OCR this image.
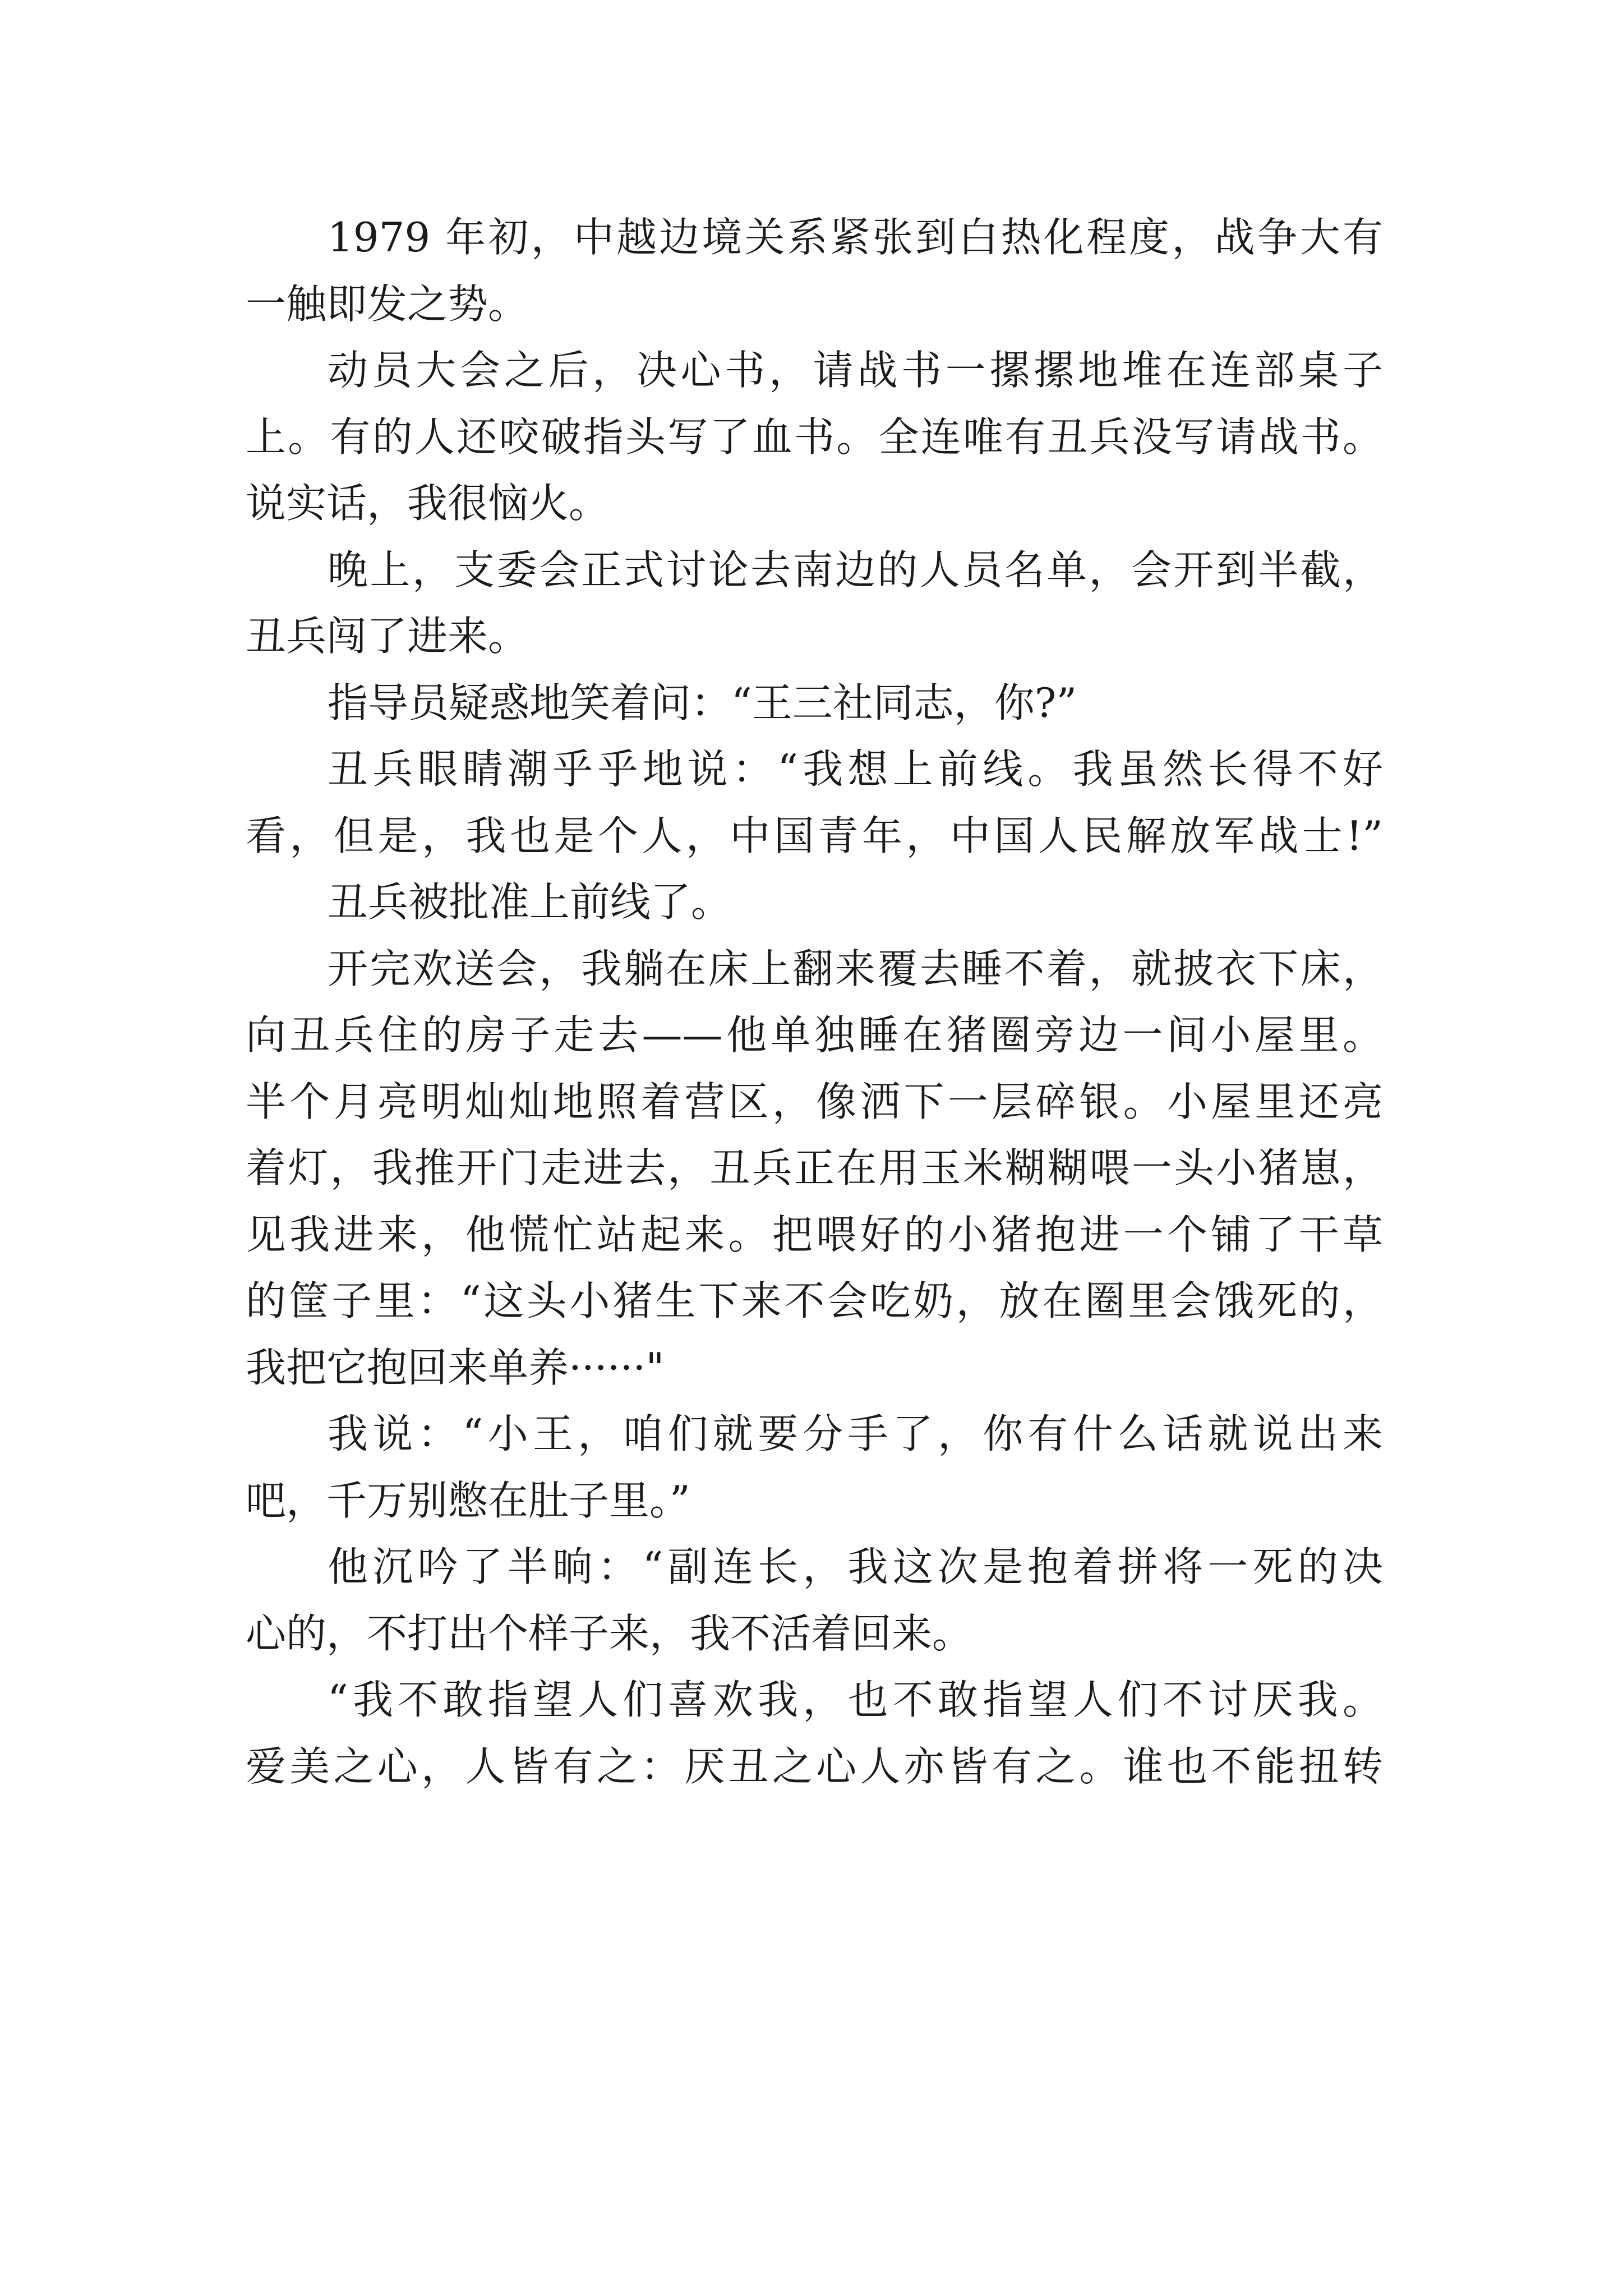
1979 年初，中越边境关系紧张到白热化程度，战争大有
一触即发之势。
动员大会之后，决心书，请战书一摞摞地堆在连部桌子
上。有的人还咬破指头写了血书。全连唯有丑兵没写请战书。
说实话，我很恼火。
晚上，支委会正式讨论去南边的人员名单，会开到半截，
丑兵闯了进来。
指导员疑惑地笑着问：“王三社同志，你?”
丑兵眼睛潮乎乎地说：“我想上前线。我虽然长得不好
看，但是，我也是个人，中国青年，中国人民解放军战士!”
丑兵被批准上前线了。
开完欢送会，我躺在床上翻来覆去睡不着，就披衣下床，
向丑兵住的房子走去——他单独睡在猪圈旁边一间小屋里。
半个月亮明灿灿地照着营区，像洒下一层碎银。小屋里还亮
着灯，我推开门走进去，丑兵正在用玉米糊糊喂一头小猪崽，
见我进来，他慌忙站起来。把喂好的小猪抱进一个铺了干草
的筐子里：“这头小猪生下来不会吃奶，放在圈里会饿死的，
我把它抱回来单养······"
我说：“小王，咱们就要分手了，你有什么话就说出来
吧，千万别憋在肚子里。”
他沉吟了半晌：“副连长，我这次是抱着拼将一死的决
心的，不打出个样子来，我不活着回来。
“我不敢指望人们喜欢我，也不敢指望人们不讨厌我。
爱美之心，人皆有之：厌丑之心人亦皆有之。谁也不能扭转
